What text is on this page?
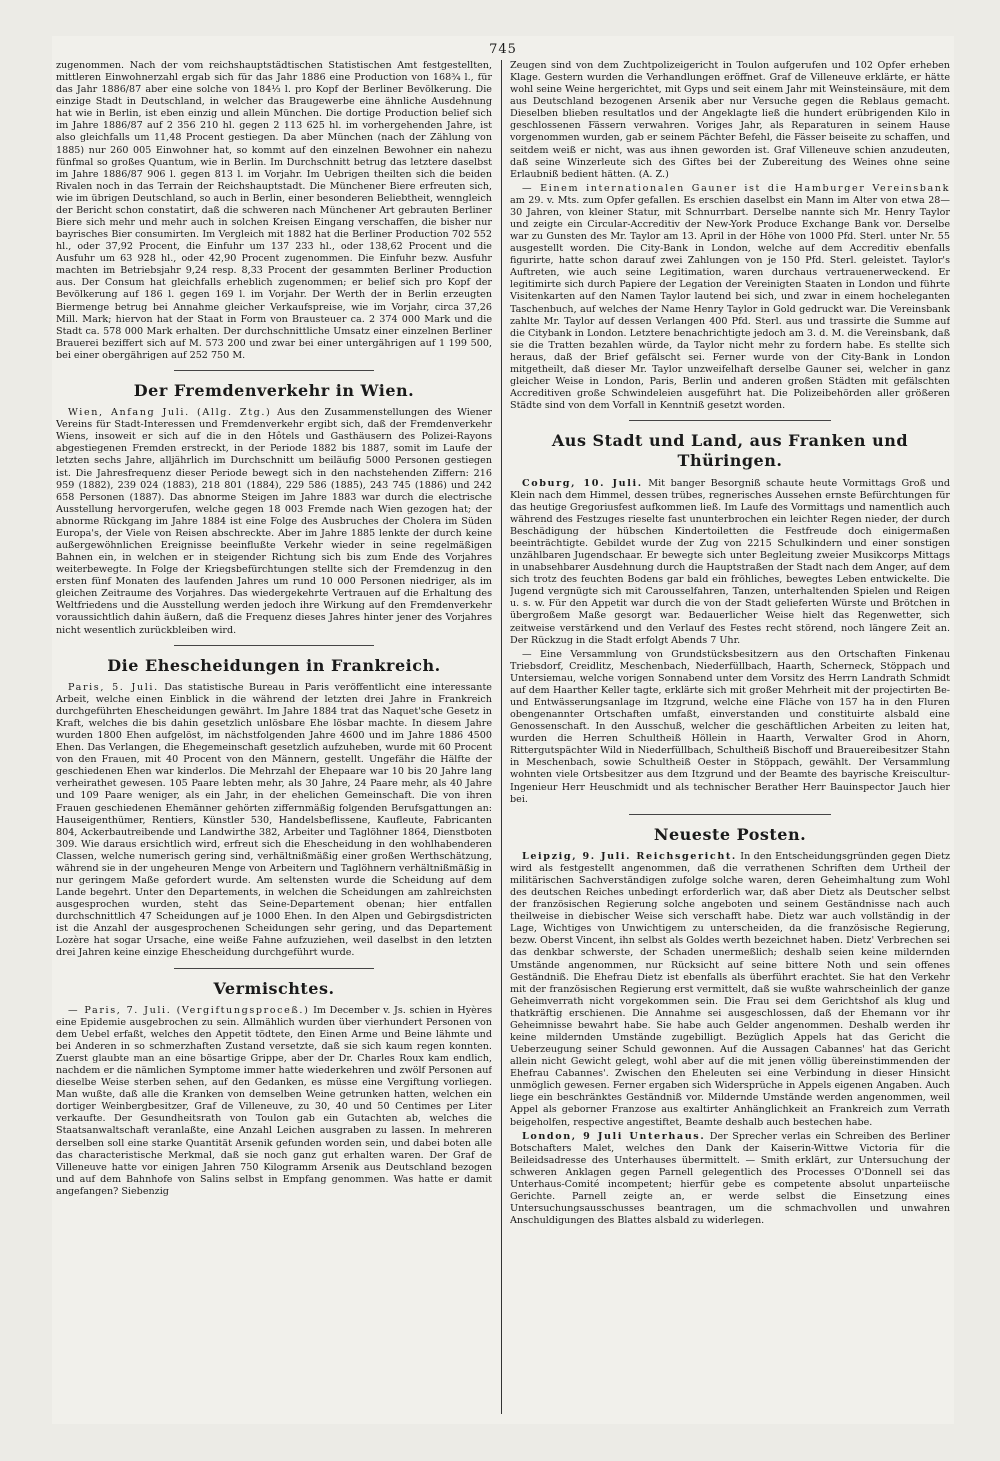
745

zugenommen. Nach der vom reichshauptstädtischen Statistischen Amt festgestellten, mittleren Einwohnerzahl ergab sich für das Jahr 1886 eine Production von 168¾ l., für das Jahr 1886/87 aber eine solche von 184⅓ l. pro Kopf der Berliner Bevölkerung. Die einzige Stadt in Deutschland, in welcher das Braugewerbe eine ähnliche Ausdehnung hat wie in Berlin, ist eben einzig und allein München. Die dortige Production belief sich im Jahre 1886/87 auf 2 356 210 hl. gegen 2 113 625 hl. im vorhergehenden Jahre, ist also gleichfalls um 11,48 Procent gestiegen. Da aber München (nach der Zählung von 1885) nur 260 005 Einwohner hat, so kommt auf den einzelnen Bewohner ein nahezu fünfmal so großes Quantum, wie in Berlin. Im Durchschnitt betrug das letztere daselbst im Jahre 1886/87 906 l. gegen 813 l. im Vorjahr. Im Uebrigen theilten sich die beiden Rivalen noch in das Terrain der Reichshauptstadt. Die Münchener Biere erfreuten sich, wie im übrigen Deutschland, so auch in Berlin, einer besonderen Beliebtheit, wenngleich der Bericht schon constatirt, daß die schweren nach Münchener Art gebrauten Berliner Biere sich mehr und mehr auch in solchen Kreisen Eingang verschaffen, die bisher nur bayrisches Bier consumirten. Im Vergleich mit 1882 hat die Berliner Production 702 552 hl., oder 37,92 Procent, die Einfuhr um 137 233 hl., oder 138,62 Procent und die Ausfuhr um 63 928 hl., oder 42,90 Procent zugenommen. Die Einfuhr bezw. Ausfuhr machten im Betriebsjahr 9,24 resp. 8,33 Procent der gesammten Berliner Production aus. Der Consum hat gleichfalls erheblich zugenommen; er belief sich pro Kopf der Bevölkerung auf 186 l. gegen 169 l. im Vorjahr. Der Werth der in Berlin erzeugten Biermenge betrug bei Annahme gleicher Verkaufspreise, wie im Vorjahr, circa 37,26 Mill. Mark; hiervon hat der Staat in Form von Brausteuer ca. 2 374 000 Mark und die Stadt ca. 578 000 Mark erhalten. Der durchschnittliche Umsatz einer einzelnen Berliner Brauerei beziffert sich auf M. 573 200 und zwar bei einer untergährigen auf 1 199 500, bei einer obergährigen auf 252 750 M.

Der Fremdenverkehr in Wien.

Wien, Anfang Juli. (Allg. Ztg.) Aus den Zusammenstellungen des Wiener Vereins für Stadt-Interessen und Fremdenverkehr ergibt sich, daß der Fremdenverkehr Wiens, insoweit er sich auf die in den Hôtels und Gasthäusern des Polizei-Rayons abgestiegenen Fremden erstreckt, in der Periode 1882 bis 1887, somit im Laufe der letzten sechs Jahre, alljährlich im Durchschnitt um beiläufig 5000 Personen gestiegen ist. Die Jahresfrequenz dieser Periode bewegt sich in den nachstehenden Ziffern: 216 959 (1882), 239 024 (1883), 218 801 (1884), 229 586 (1885), 243 745 (1886) und 242 658 Personen (1887). Das abnorme Steigen im Jahre 1883 war durch die electrische Ausstellung hervorgerufen, welche gegen 18 003 Fremde nach Wien gezogen hat; der abnorme Rückgang im Jahre 1884 ist eine Folge des Ausbruches der Cholera im Süden Europa's, der Viele von Reisen abschreckte. Aber im Jahre 1885 lenkte der durch keine außergewöhnlichen Ereignisse beeinflußte Verkehr wieder in seine regelmäßigen Bahnen ein, in welchen er in steigender Richtung sich bis zum Ende des Vorjahres weiterbewegte. In Folge der Kriegsbefürchtungen stellte sich der Fremdenzug in den ersten fünf Monaten des laufenden Jahres um rund 10 000 Personen niedriger, als im gleichen Zeitraume des Vorjahres. Das wiedergekehrte Vertrauen auf die Erhaltung des Weltfriedens und die Ausstellung werden jedoch ihre Wirkung auf den Fremdenverkehr voraussichtlich dahin äußern, daß die Frequenz dieses Jahres hinter jener des Vorjahres nicht wesentlich zurückbleiben wird.

Die Ehescheidungen in Frankreich.

Paris, 5. Juli. Das statistische Bureau in Paris veröffentlicht eine interessante Arbeit, welche einen Einblick in die während der letzten drei Jahre in Frankreich durchgeführten Ehescheidungen gewährt. Im Jahre 1884 trat das Naquet'sche Gesetz in Kraft, welches die bis dahin gesetzlich unlösbare Ehe lösbar machte. In diesem Jahre wurden 1800 Ehen aufgelöst, im nächstfolgenden Jahre 4600 und im Jahre 1886 4500 Ehen. Das Verlangen, die Ehegemeinschaft gesetzlich aufzuheben, wurde mit 60 Procent von den Frauen, mit 40 Procent von den Männern, gestellt. Ungefähr die Hälfte der geschiedenen Ehen war kinderlos. Die Mehrzahl der Ehepaare war 10 bis 20 Jahre lang verheirathet gewesen. 105 Paare lebten mehr, als 30 Jahre, 24 Paare mehr, als 40 Jahre und 109 Paare weniger, als ein Jahr, in der ehelichen Gemeinschaft. Die von ihren Frauen geschiedenen Ehemänner gehörten ziffernmäßig folgenden Berufsgattungen an: Hauseigenthümer, Rentiers, Künstler 530, Handelsbeflissene, Kaufleute, Fabricanten 804, Ackerbautreibende und Landwirthe 382, Arbeiter und Taglöhner 1864, Dienstboten 309. Wie daraus ersichtlich wird, erfreut sich die Ehescheidung in den wohlhabenderen Classen, welche numerisch gering sind, verhältnißmäßig einer großen Werthschätzung, während sie in der ungeheuren Menge von Arbeitern und Taglöhnern verhältnißmäßig in nur geringem Maße gefordert wurde. Am seltensten wurde die Scheidung auf dem Lande begehrt. Unter den Departements, in welchen die Scheidungen am zahlreichsten ausgesprochen wurden, steht das Seine-Departement obenan; hier entfallen durchschnittlich 47 Scheidungen auf je 1000 Ehen. In den Alpen und Gebirgsdistricten ist die Anzahl der ausgesprochenen Scheidungen sehr gering, und das Departement Lozère hat sogar Ursache, eine weiße Fahne aufzuziehen, weil daselbst in den letzten drei Jahren keine einzige Ehescheidung durchgeführt wurde.

Vermischtes.

— Paris, 7. Juli. (Vergiftungsproceß.) Im December v. Js. schien in Hyères eine Epidemie ausgebrochen zu sein. Allmählich wurden über vierhundert Personen von dem Uebel erfaßt, welches den Appetit tödtete, den Einen Arme und Beine lähmte und bei Anderen in so schmerzhaften Zustand versetzte, daß sie sich kaum regen konnten. Zuerst glaubte man an eine bösartige Grippe, aber der Dr. Charles Roux kam endlich, nachdem er die nämlichen Symptome immer hatte wiederkehren und zwölf Personen auf dieselbe Weise sterben sehen, auf den Gedanken, es müsse eine Vergiftung vorliegen. Man wußte, daß alle die Kranken von demselben Weine getrunken hatten, welchen ein dortiger Weinbergbesitzer, Graf de Villeneuve, zu 30, 40 und 50 Centimes per Liter verkaufte. Der Gesundheitsrath von Toulon gab ein Gutachten ab, welches die Staatsanwaltschaft veranlaßte, eine Anzahl Leichen ausgraben zu lassen. In mehreren derselben soll eine starke Quantität Arsenik gefunden worden sein, und dabei boten alle das characteristische Merkmal, daß sie noch ganz gut erhalten waren. Der Graf de Villeneuve hatte vor einigen Jahren 750 Kilogramm Arsenik aus Deutschland bezogen und auf dem Bahnhofe von Salins selbst in Empfang genommen. Was hatte er damit angefangen? Siebenzig

Zeugen sind von dem Zuchtpolizeigericht in Toulon aufgerufen und 102 Opfer erheben Klage. Gestern wurden die Verhandlungen eröffnet. Graf de Villeneuve erklärte, er hätte wohl seine Weine hergerichtet, mit Gyps und seit einem Jahr mit Weinsteinsäure, mit dem aus Deutschland bezogenen Arsenik aber nur Versuche gegen die Reblaus gemacht. Dieselben blieben resultatlos und der Angeklagte ließ die hundert erübrigenden Kilo in geschlossenen Fässern verwahren. Voriges Jahr, als Reparaturen in seinem Hause vorgenommen wurden, gab er seinem Pächter Befehl, die Fässer beiseite zu schaffen, und seitdem weiß er nicht, was aus ihnen geworden ist. Graf Villeneuve schien anzudeuten, daß seine Winzerleute sich des Giftes bei der Zubereitung des Weines ohne seine Erlaubniß bedient hätten. (A. Z.)

— Einem internationalen Gauner ist die Hamburger Vereinsbank am 29. v. Mts. zum Opfer gefallen. Es erschien daselbst ein Mann im Alter von etwa 28—30 Jahren, von kleiner Statur, mit Schnurrbart. Derselbe nannte sich Mr. Henry Taylor und zeigte ein Circular-Accreditiv der New-York Produce Exchange Bank vor. Derselbe war zu Gunsten des Mr. Taylor am 13. April in der Höhe von 1000 Pfd. Sterl. unter Nr. 55 ausgestellt worden. Die City-Bank in London, welche auf dem Accreditiv ebenfalls figurirte, hatte schon darauf zwei Zahlungen von je 150 Pfd. Sterl. geleistet. Taylor's Auftreten, wie auch seine Legitimation, waren durchaus vertrauenerweckend. Er legitimirte sich durch Papiere der Legation der Vereinigten Staaten in London und führte Visitenkarten auf den Namen Taylor lautend bei sich, und zwar in einem hocheleganten Taschenbuch, auf welches der Name Henry Taylor in Gold gedruckt war. Die Vereinsbank zahlte Mr. Taylor auf dessen Verlangen 400 Pfd. Sterl. aus und trassirte die Summe auf die Citybank in London. Letztere benachrichtigte jedoch am 3. d. M. die Vereinsbank, daß sie die Tratten bezahlen würde, da Taylor nicht mehr zu fordern habe. Es stellte sich heraus, daß der Brief gefälscht sei. Ferner wurde von der City-Bank in London mitgetheilt, daß dieser Mr. Taylor unzweifelhaft derselbe Gauner sei, welcher in ganz gleicher Weise in London, Paris, Berlin und anderen großen Städten mit gefälschten Accreditiven große Schwindeleien ausgeführt hat. Die Polizeibehörden aller größeren Städte sind von dem Vorfall in Kenntniß gesetzt worden.

Aus Stadt und Land, aus Franken und Thüringen.

Coburg, 10. Juli. Mit banger Besorgniß schaute heute Vormittags Groß und Klein nach dem Himmel, dessen trübes, regnerisches Aussehen ernste Befürchtungen für das heutige Gregoriusfest aufkommen ließ. Im Laufe des Vormittags und namentlich auch während des Festzuges rieselte fast ununterbrochen ein leichter Regen nieder, der durch Beschädigung der hübschen Kindertoiletten die Festfreude doch einigermaßen beeinträchtigte. Gebildet wurde der Zug von 2215 Schulkindern und einer sonstigen unzählbaren Jugendschaar. Er bewegte sich unter Begleitung zweier Musikcorps Mittags in unabsehbarer Ausdehnung durch die Hauptstraßen der Stadt nach dem Anger, auf dem sich trotz des feuchten Bodens gar bald ein fröhliches, bewegtes Leben entwickelte. Die Jugend vergnügte sich mit Carousselfahren, Tanzen, unterhaltenden Spielen und Reigen u. s. w. Für den Appetit war durch die von der Stadt gelieferten Würste und Brötchen in übergroßem Maße gesorgt war. Bedauerlicher Weise hielt das Regenwetter, sich zeitweise verstärkend und den Verlauf des Festes recht störend, noch längere Zeit an. Der Rückzug in die Stadt erfolgt Abends 7 Uhr.

— Eine Versammlung von Grundstücksbesitzern aus den Ortschaften Finkenau Triebsdorf, Creidlitz, Meschenbach, Niederfüllbach, Haarth, Scherneck, Stöppach und Untersiemau, welche vorigen Sonnabend unter dem Vorsitz des Herrn Landrath Schmidt auf dem Haarther Keller tagte, erklärte sich mit großer Mehrheit mit der projectirten Be- und Entwässerungsanlage im Itzgrund, welche eine Fläche von 157 ha in den Fluren obengenannter Ortschaften umfaßt, einverstanden und constituirte alsbald eine Genossenschaft. In den Ausschuß, welcher die geschäftlichen Arbeiten zu leiten hat, wurden die Herren Schultheiß Höllein in Haarth, Verwalter Grod in Ahorn, Rittergutspächter Wild in Niederfüllbach, Schultheiß Bischoff und Brauereibesitzer Stahn in Meschenbach, sowie Schultheiß Oester in Stöppach, gewählt. Der Versammlung wohnten viele Ortsbesitzer aus dem Itzgrund und der Beamte des bayrische Kreiscultur-Ingenieur Herr Heuschmidt und als technischer Berather Herr Bauinspector Jauch hier bei.

Neueste Posten.

Leipzig, 9. Juli. Reichsgericht. In den Entscheidungsgründen gegen Dietz wird als festgestellt angenommen, daß die verrathenen Schriften dem Urtheil der militärischen Sachverständigen zufolge solche waren, deren Geheimhaltung zum Wohl des deutschen Reiches unbedingt erforderlich war, daß aber Dietz als Deutscher selbst der französischen Regierung solche angeboten und seinem Geständnisse nach auch theilweise in diebischer Weise sich verschafft habe. Dietz war auch vollständig in der Lage, Wichtiges von Unwichtigem zu unterscheiden, da die französische Regierung, bezw. Oberst Vincent, ihn selbst als Goldes werth bezeichnet haben. Dietz' Verbrechen sei das denkbar schwerste, der Schaden unermeßlich; deshalb seien keine mildernden Umstände angenommen, nur Rücksicht auf seine bittere Noth und sein offenes Geständniß. Die Ehefrau Dietz ist ebenfalls als überführt erachtet. Sie hat den Verkehr mit der französischen Regierung erst vermittelt, daß sie wußte wahrscheinlich der ganze Geheimverrath nicht vorgekommen sein. Die Frau sei dem Gerichtshof als klug und thatkräftig erschienen. Die Annahme sei ausgeschlossen, daß der Ehemann vor ihr Geheimnisse bewahrt habe. Sie habe auch Gelder angenommen. Deshalb werden ihr keine mildernden Umstände zugebilligt. Bezüglich Appels hat das Gericht die Ueberzeugung seiner Schuld gewonnen. Auf die Aussagen Cabannes' hat das Gericht allein nicht Gewicht gelegt, wohl aber auf die mit jenen völlig übereinstimmenden der Ehefrau Cabannes'. Zwischen den Eheleuten sei eine Verbindung in dieser Hinsicht unmöglich gewesen. Ferner ergaben sich Widersprüche in Appels eigenen Angaben. Auch liege ein beschränktes Geständniß vor. Mildernde Umstände werden angenommen, weil Appel als geborner Franzose aus exaltirter Anhänglichkeit an Frankreich zum Verrath beigeholfen, respective angestiftet, Beamte deshalb auch bestechen habe.

London, 9 Juli Unterhaus. Der Sprecher verlas ein Schreiben des Berliner Botschafters Malet, welches den Dank der Kaiserin-Wittwe Victoria für die Beileidsadresse des Unterhauses übermittelt. — Smith erklärt, zur Untersuchung der schweren Anklagen gegen Parnell gelegentlich des Processes O'Donnell sei das Unterhaus-Comité incompetent; hierfür gebe es competente absolut unparteiische Gerichte. Parnell zeigte an, er werde selbst die Einsetzung eines Untersuchungsausschusses beantragen, um die schmachvollen und unwahren Anschuldigungen des Blattes alsbald zu widerlegen.
